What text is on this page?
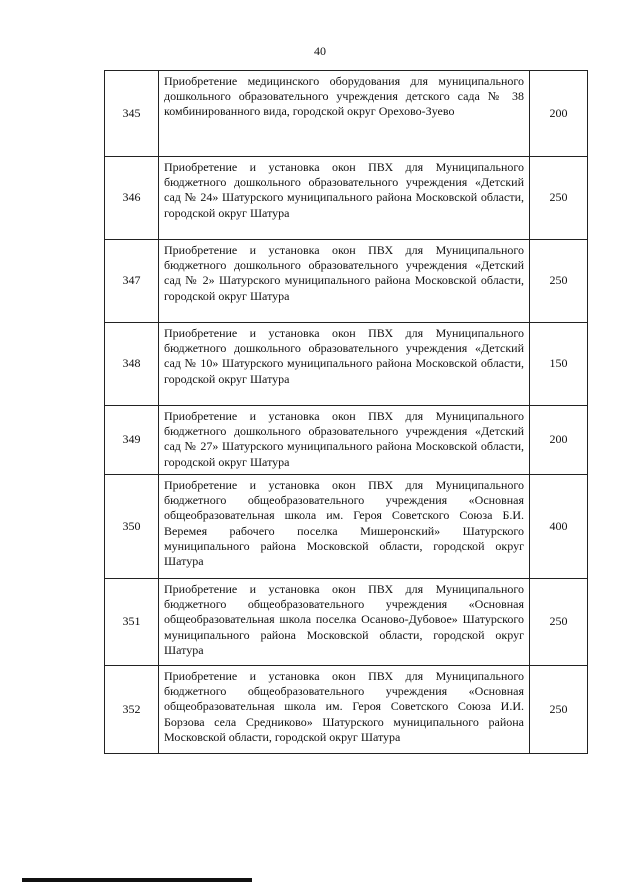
40
345	Приобретение медицинского оборудования для муниципального дошкольного образовательного учреждения детского сада № 38 комбинированного вида, городской округ Орехово-Зуево	200
346	Приобретение и установка окон ПВХ для Муниципального бюджетного дошкольного образовательного учреждения «Детский сад № 24» Шатурского муниципального района Московской области, городской округ Шатура	250
347	Приобретение и установка окон ПВХ для Муниципального бюджетного дошкольного образовательного учреждения «Детский сад № 2» Шатурского муниципального района Московской области, городской округ Шатура	250
348	Приобретение и установка окон ПВХ для Муниципального бюджетного дошкольного образовательного учреждения «Детский сад № 10» Шатурского муниципального района Московской области, городской округ Шатура	150
349	Приобретение и установка окон ПВХ для Муниципального бюджетного дошкольного образовательного учреждения «Детский сад № 27» Шатурского муниципального района Московской области, городской округ Шатура	200
350	Приобретение и установка окон ПВХ для Муниципального бюджетного общеобразовательного учреждения «Основная общеобразовательная школа им. Героя Советского Союза Б.И. Веремея рабочего поселка Мишеронский» Шатурского муниципального района Московской области, городской округ Шатура	400
351	Приобретение и установка окон ПВХ для Муниципального бюджетного общеобразовательного учреждения «Основная общеобразовательная школа поселка Осаново-Дубовое» Шатурского муниципального района Московской области, городской округ Шатура	250
352	Приобретение и установка окон ПВХ для Муниципального бюджетного общеобразовательного учреждения «Основная общеобразовательная школа им. Героя Советского Союза И.И. Борзова села Средниково» Шатурского муниципального района Московской области, городской округ Шатура	250
